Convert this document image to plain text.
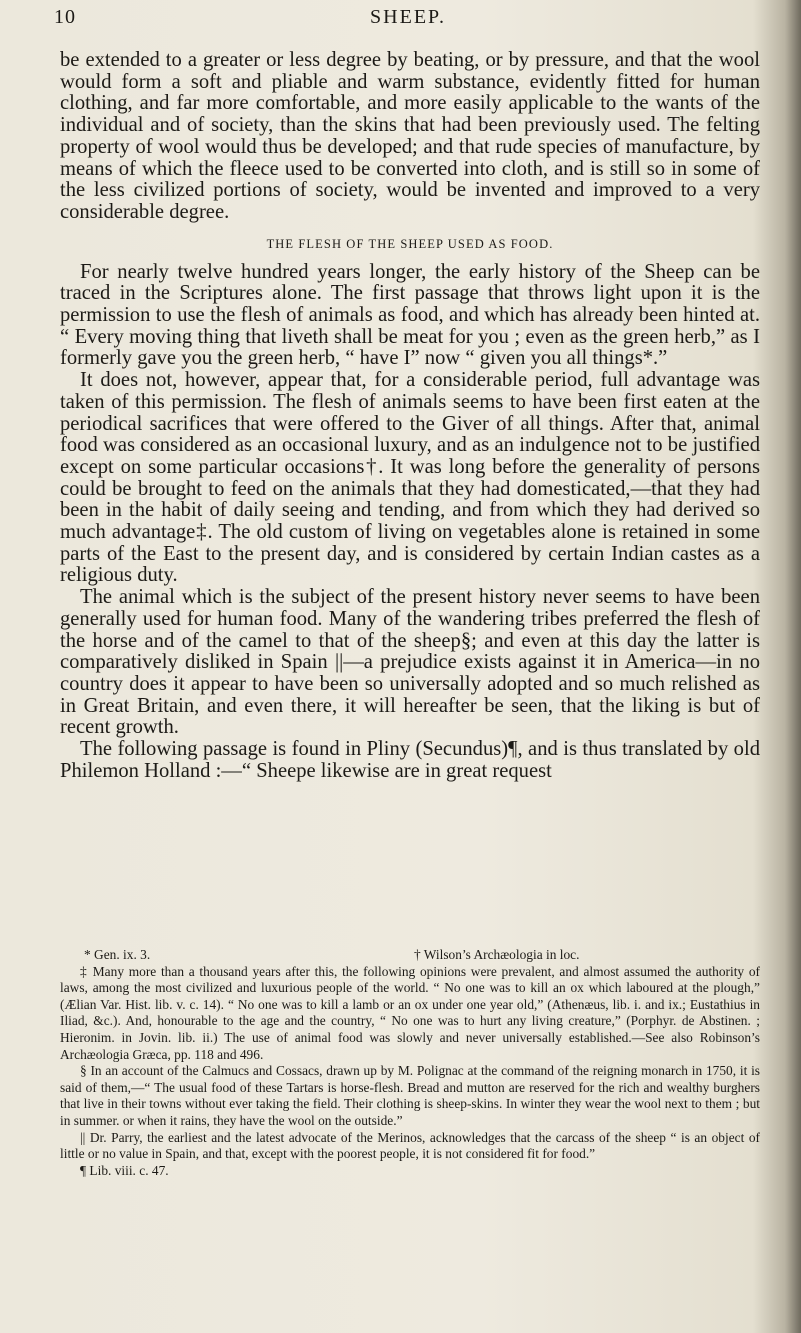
10	SHEEP.

be extended to a greater or less degree by beating, or by pressure, and that the wool would form a soft and pliable and warm substance, evidently fitted for human clothing, and far more comfortable, and more easily applicable to the wants of the individual and of society, than the skins that had been previously used. The felting property of wool would thus be developed; and that rude species of manufacture, by means of which the fleece used to be converted into cloth, and is still so in some of the less civilized portions of society, would be invented and improved to a very considerable degree.

THE FLESH OF THE SHEEP USED AS FOOD.

For nearly twelve hundred years longer, the early history of the Sheep can be traced in the Scriptures alone. The first passage that throws light upon it is the permission to use the flesh of animals as food, and which has already been hinted at. “ Every moving thing that liveth shall be meat for you ; even as the green herb,” as I formerly gave you the green herb, “ have I” now “ given you all things*.”

It does not, however, appear that, for a considerable period, full advantage was taken of this permission. The flesh of animals seems to have been first eaten at the periodical sacrifices that were offered to the Giver of all things. After that, animal food was considered as an occasional luxury, and as an indulgence not to be justified except on some particular occasions†. It was long before the generality of persons could be brought to feed on the animals that they had domesticated,—that they had been in the habit of daily seeing and tending, and from which they had derived so much advantage‡. The old custom of living on vegetables alone is retained in some parts of the East to the present day, and is considered by certain Indian castes as a religious duty.

The animal which is the subject of the present history never seems to have been generally used for human food. Many of the wandering tribes preferred the flesh of the horse and of the camel to that of the sheep§; and even at this day the latter is comparatively disliked in Spain ||—a prejudice exists against it in America—in no country does it appear to have been so universally adopted and so much relished as in Great Britain, and even there, it will hereafter be seen, that the liking is but of recent growth.

The following passage is found in Pliny (Secundus)¶, and is thus translated by old Philemon Holland :—“ Sheepe likewise are in great request

* Gen. ix. 3.	† Wilson’s Archæologia in loc.

‡ Many more than a thousand years after this, the following opinions were prevalent, and almost assumed the authority of laws, among the most civilized and luxurious people of the world. “ No one was to kill an ox which laboured at the plough,” (Ælian Var. Hist. lib. v. c. 14). “ No one was to kill a lamb or an ox under one year old,” (Athenæus, lib. i. and ix.; Eustathius in Iliad, &c.). And, honourable to the age and the country, “ No one was to hurt any living creature,” (Porphyr. de Abstinen. ; Hieronim. in Jovin. lib. ii.) The use of animal food was slowly and never universally established.—See also Robinson’s Archæologia Græca, pp. 118 and 496.

§ In an account of the Calmucs and Cossacs, drawn up by M. Polignac at the command of the reigning monarch in 1750, it is said of them,—“ The usual food of these Tartars is horse-flesh. Bread and mutton are reserved for the rich and wealthy burghers that live in their towns without ever taking the field. Their clothing is sheep-skins. In winter they wear the wool next to them ; but in summer. or when it rains, they have the wool on the outside.”

|| Dr. Parry, the earliest and the latest advocate of the Merinos, acknowledges that the carcass of the sheep “ is an object of little or no value in Spain, and that, except with the poorest people, it is not considered fit for food.”

¶ Lib. viii. c. 47.
